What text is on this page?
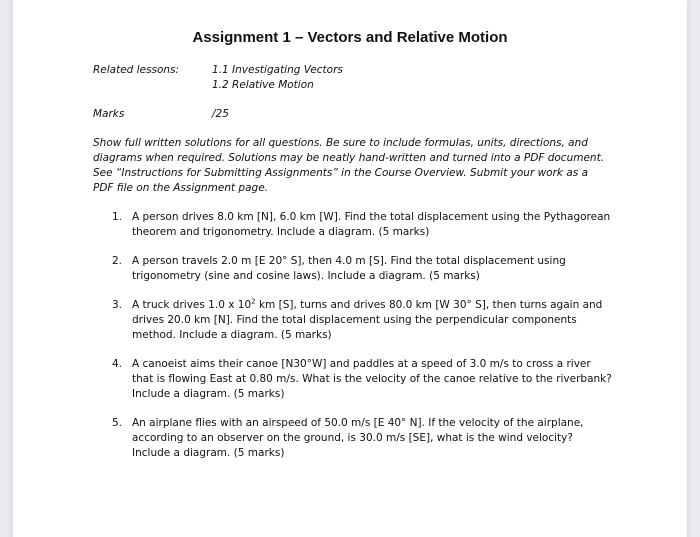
Assignment 1 – Vectors and Relative Motion
Related lessons:	1.1 Investigating Vectors
1.2 Relative Motion
Marks	/25
Show full written solutions for all questions. Be sure to include formulas, units, directions, and diagrams when required. Solutions may be neatly hand-written and turned into a PDF document. See “Instructions for Submitting Assignments” in the Course Overview. Submit your work as a PDF file on the Assignment page.
1. A person drives 8.0 km [N], 6.0 km [W]. Find the total displacement using the Pythagorean theorem and trigonometry. Include a diagram. (5 marks)
2. A person travels 2.0 m [E 20° S], then 4.0 m [S]. Find the total displacement using trigonometry (sine and cosine laws). Include a diagram. (5 marks)
3. A truck drives 1.0 x $10^2$ km [S], turns and drives 80.0 km [W 30° S], then turns again and drives 20.0 km [N]. Find the total displacement using the perpendicular components method. Include a diagram. (5 marks)
4. A canoeist aims their canoe [N30°W] and paddles at a speed of 3.0 m/s to cross a river that is flowing East at 0.80 m/s. What is the velocity of the canoe relative to the riverbank? Include a diagram. (5 marks)
5. An airplane flies with an airspeed of 50.0 m/s [E 40° N]. If the velocity of the airplane, according to an observer on the ground, is 30.0 m/s [SE], what is the wind velocity? Include a diagram. (5 marks)
